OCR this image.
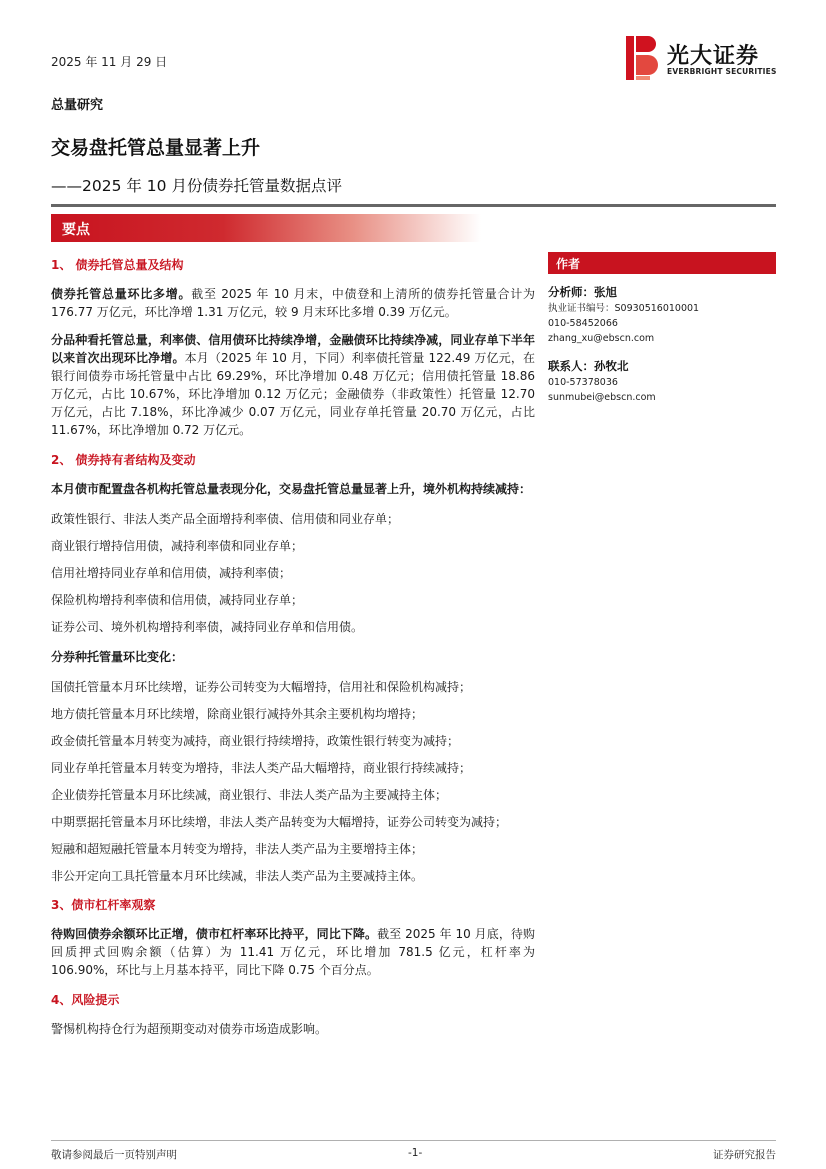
2025 年 11 月 29 日	光大证券
EVERBRIGHT SECURITIES
总量研究
交易盘托管总量显著上升
——2025 年 10 月份债券托管量数据点评
要点
1、 债券托管总量及结构
债券托管总量环比多增。截至 2025 年 10 月末，中债登和上清所的债券托管量合计为 176.77 万亿元，环比净增 1.31 万亿元，较 9 月末环比多增 0.39 万亿元。
分品种看托管总量，利率债、信用债环比持续净增，金融债环比持续净减，同业存单下半年以来首次出现环比净增。本月（2025 年 10 月，下同）利率债托管量 122.49 万亿元，在银行间债券市场托管量中占比 69.29%，环比净增加 0.48 万亿元；信用债托管量 18.86 万亿元，占比 10.67%，环比净增加 0.12 万亿元；金融债券（非政策性）托管量 12.70 万亿元，占比 7.18%，环比净减少 0.07 万亿元，同业存单托管量 20.70 万亿元，占比 11.67%，环比净增加 0.72 万亿元。
2、 债券持有者结构及变动
本月债市配置盘各机构托管总量表现分化，交易盘托管总量显著上升，境外机构持续减持：
政策性银行、非法人类产品全面增持利率债、信用债和同业存单；
商业银行增持信用债，减持利率债和同业存单；
信用社增持同业存单和信用债，减持利率债；
保险机构增持利率债和信用债，减持同业存单；
证券公司、境外机构增持利率债，减持同业存单和信用债。
分券种托管量环比变化：
国债托管量本月环比续增，证券公司转变为大幅增持，信用社和保险机构减持；
地方债托管量本月环比续增，除商业银行减持外其余主要机构均增持；
政金债托管量本月转变为减持，商业银行持续增持，政策性银行转变为减持；
同业存单托管量本月转变为增持，非法人类产品大幅增持，商业银行持续减持；
企业债券托管量本月环比续减，商业银行、非法人类产品为主要减持主体；
中期票据托管量本月环比续增，非法人类产品转变为大幅增持，证券公司转变为减持；
短融和超短融托管量本月转变为增持，非法人类产品为主要增持主体；
非公开定向工具托管量本月环比续减，非法人类产品为主要减持主体。
3、债市杠杆率观察
待购回债券余额环比正增，债市杠杆率环比持平，同比下降。截至 2025 年 10 月底，待购回质押式回购余额（估算）为 11.41 万亿元，环比增加 781.5 亿元，杠杆率为 106.90%，环比与上月基本持平，同比下降 0.75 个百分点。
4、风险提示
警惕机构持仓行为超预期变动对债券市场造成影响。
作者
分析师：张旭
执业证书编号：S0930516010001
010-58452066
zhang_xu@ebscn.com
联系人：孙牧北
010-57378036
sunmubei@ebscn.com
敬请参阅最后一页特别声明	-1-	证券研究报告
